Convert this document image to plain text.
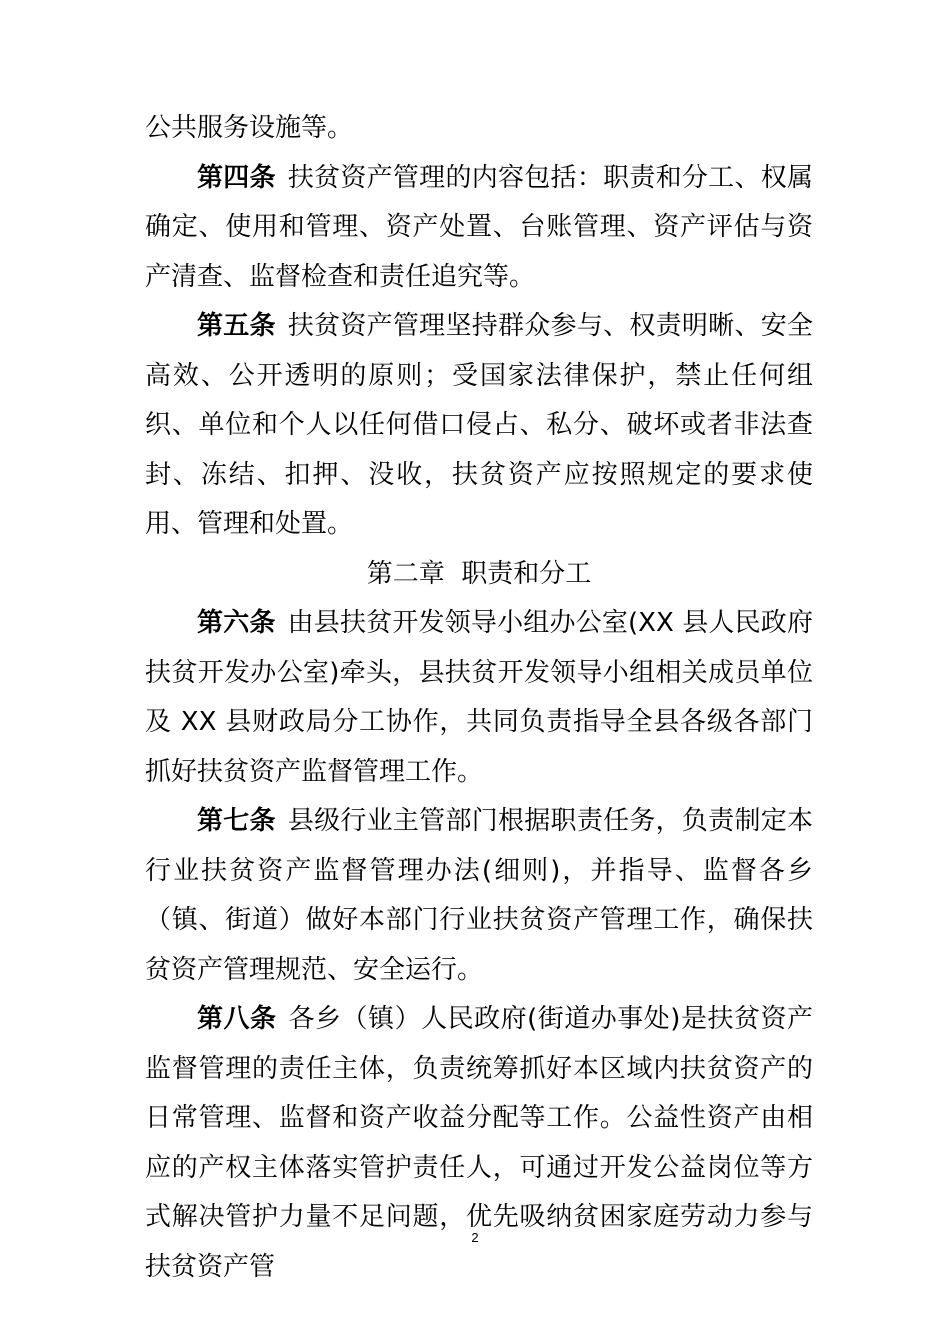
公共服务设施等。

第四条 扶贫资产管理的内容包括：职责和分工、权属确定、使用和管理、资产处置、台账管理、资产评估与资产清查、监督检查和责任追究等。

第五条 扶贫资产管理坚持群众参与、权责明晰、安全高效、公开透明的原则；受国家法律保护，禁止任何组织、单位和个人以任何借口侵占、私分、破坏或者非法查封、冻结、扣押、没收，扶贫资产应按照规定的要求使用、管理和处置。

第二章  职责和分工

第六条 由县扶贫开发领导小组办公室(XX 县人民政府扶贫开发办公室)牵头，县扶贫开发领导小组相关成员单位及 XX 县财政局分工协作，共同负责指导全县各级各部门抓好扶贫资产监督管理工作。

第七条 县级行业主管部门根据职责任务，负责制定本行业扶贫资产监督管理办法(细则)，并指导、监督各乡（镇、街道）做好本部门行业扶贫资产管理工作，确保扶贫资产管理规范、安全运行。

第八条 各乡（镇）人民政府(街道办事处)是扶贫资产监督管理的责任主体，负责统筹抓好本区域内扶贫资产的日常管理、监督和资产收益分配等工作。公益性资产由相应的产权主体落实管护责任人，可通过开发公益岗位等方式解决管护力量不足问题，优先吸纳贫困家庭劳动力参与扶贫资产管

2
